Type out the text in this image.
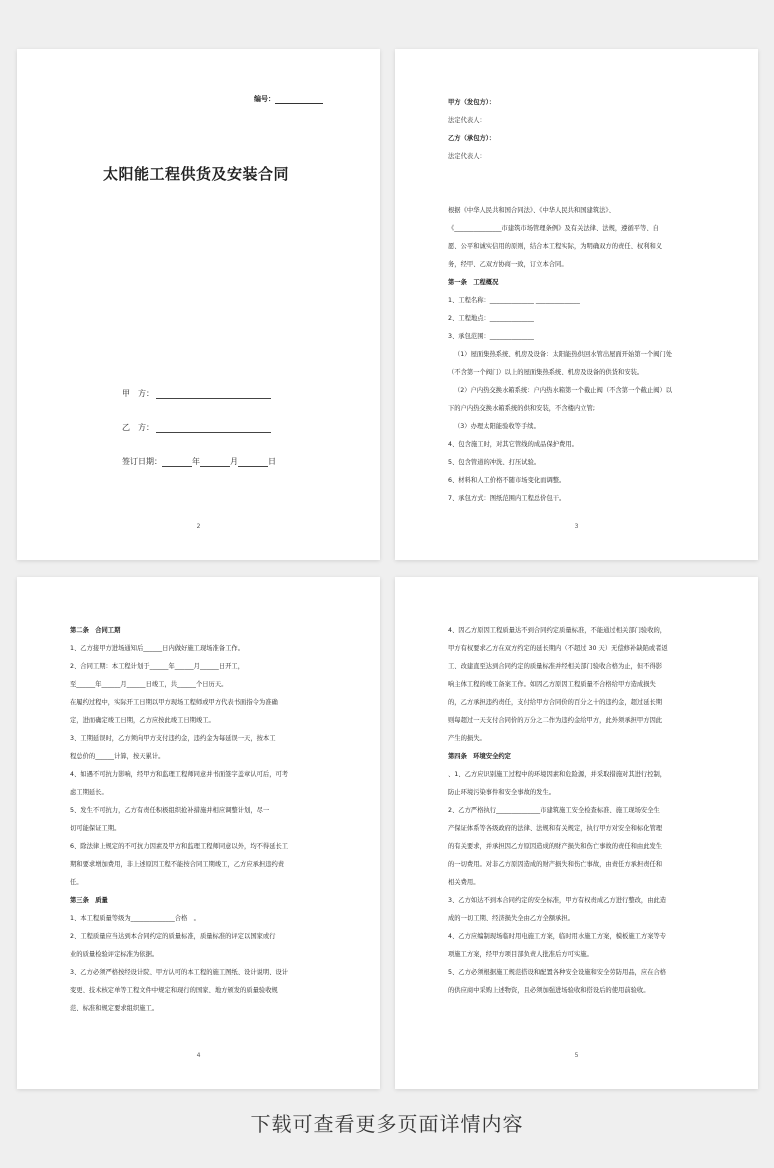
编号：
太阳能工程供货及安装合同
甲　方：
乙　方：
签订日期：	年	月	日
2
甲方（发包方）：
法定代表人：
乙方（承包方）：
法定代表人：

根据《中华人民共和国合同法》、《中华人民共和国建筑法》、
《_______________市建筑市场管理条例》及有关法律、法规，遵循平等、自
愿、公平和诚实信用的原则，结合本工程实际，为明确双方的责任、权利和义
务，经甲、乙双方协商一致，订立本合同。
第一条　工程概况
1、工程名称：______________ ______________
2、工程地点：______________
3、承包范围：______________
（1）屋面集热系统、机房及设备：太阳能热供回水管出屋面开始第一个阀门处
（不含第一个阀门）以上的屋面集热系统、机房及设备的供货和安装。
（2）户内热交换水箱系统：户内热水箱第一个截止阀（不含第一个截止阀）以
下的户内热交换水箱系统的供和安装，不含楼内立管;
（3）办理太阳能验收等手续。
4、包含施工时，对其它管线的成品保护费用。
5、包含管道的冲洗、打压试验。
6、材料和人工价格不随市场变化而调整。
7、承包方式：图纸范围内工程总价包干。
3
第二条　合同工期
1、乙方接甲方进场通知后______日内做好施工现场准备工作。
2、合同工期：本工程计划于______年______月______日开工，
至______年______月______日竣工，共______个日历天。
在履约过程中，实际开工日期以甲方现场工程师或甲方代表书面指令为准确
定，进而确定竣工日期，乙方应按此竣工日期竣工。
3、工期延误时，乙方须向甲方支付违约金，违约金为每延误一天，按本工
程总价的______计算，按天累计。
4、如遇不可抗力影响，经甲方和监理工程师同意并书面签字盖章认可后，可考
虑工期延长。
5、发生不可抗力，乙方有责任积极组织抢补措施并相应调整计划，尽一
切可能保证工期。
6、除法律上规定的不可抗力因素及甲方和监理工程师同意以外，均不得延长工
期和要求增加费用，非上述原因工程不能按合同工期竣工，乙方应承担违约责
任。
第三条　质量
1、本工程质量等级为______________合格　。
2、工程质量应当达到本合同约定的质量标准，质量标准的评定以国家或行
业的质量检验评定标准为依据。
3、乙方必须严格按经设计院、甲方认可的本工程的施工图纸、设计说明、设计
变更、技术核定单等工程文件中规定和现行的国家、地方颁发的质量验收规
范、标准和规定要求组织施工。
4
4、因乙方原因工程质量达不到合同约定质量标准，不能通过相关部门验收的，
甲方有权要求乙方在双方约定的延长期内（不超过 30 天）无偿修补缺陷或者返
工、改建直至达到合同约定的质量标准并经相关部门验收合格为止，但不得影
响主体工程的竣工备案工作。如因乙方原因工程质量不合格给甲方造成损失
的，乙方承担违约责任，支付给甲方合同价的百分之十的违约金，超过延长期
则每超过一天支付合同价的万分之二作为违约金给甲方，此外须承担甲方因此
产生的损失。
第四条　环境安全约定
、1、乙方应识别施工过程中的环境因素和危险源，并采取措施对其进行控制，
防止环境污染事件和安全事故的发生。
2、乙方严格执行______________市建筑施工安全检查标准、施工现场安全生
产保证体系等各级政府的法律、法规和有关规定，执行甲方对安全和标化管理
的有关要求，并承担因乙方原因造成的财产损失和伤亡事故的责任和由此发生
的一切费用。对非乙方原因造成的财产损失和伤亡事故，由责任方承担责任和
相关费用。
3、乙方如达不到本合同约定的安全标准，甲方有权责成乙方进行整改，由此造
成的一切工期、经济损失全由乙方全额承担。
4、乙方应编制现场临时用电施工方案，临时用水施工方案，模板施工方案等专
项施工方案，经甲方项目部负责人批准后方可实施。
5、乙方必须根据施工规范搭设和配置各种安全设施和安全劳防用品，应在合格
的供应商中采购上述物资，且必须加强进场验收和搭设后的使用前验收。
5
下载可查看更多页面详情内容
